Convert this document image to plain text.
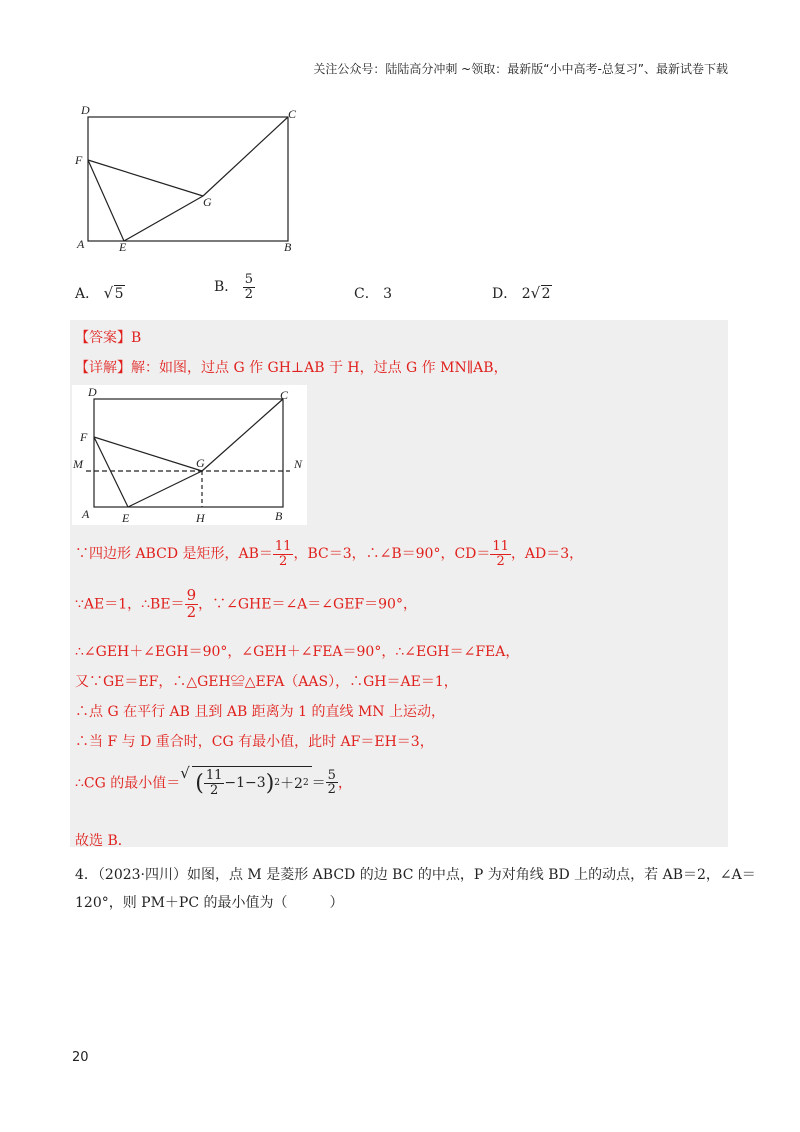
关注公众号：陆陆高分冲刺 ~领取：最新版“小中高考-总复习”、最新试卷下载
D	C
F
G
A	E	B
A． √ 5	B． $\frac{5}{2}$	C． 3	D． 2 √ 2
【答案】B
【详解】解：如图，过点 G 作 GH⊥AB 于 H，过点 G 作 MN∥AB，
D	C
F
M	G	N
A	E	H	B
∵四边形 ABCD 是矩形，$AB= \frac{11}{2}$ ，BC＝3，∴∠B＝90°，$CD= \frac{11}{2}$ ，AD＝3，
∵AE＝1，∴BE＝ $\frac{9}{2}$ ，∵∠GHE＝∠A＝∠GEF＝90°，
∴∠GEH＋∠EGH＝90°，∠GEH＋∠FEA＝90°，∴∠EGH＝∠FEA，
又∵GE＝EF，∴△GEH≌△EFA（AAS），∴GH＝AE＝1，
∴点 G 在平行 AB 且到 AB 距离为 1 的直线 MN 上运动，
∴当 F 与 D 重合时，CG 有最小值，此时 AF＝EH＝3，
∴CG 的最小值＝ √ ( $\frac{11}{2} -1-3$ ) 2 ＋2 $2 = \frac{5}{2}$ ，
故选 B．
4．（2023·四川）如图，点 M 是菱形 ABCD 的边 BC 的中点，P 为对角线 BD 上的动点，若 AB＝2，∠A＝
120°，则 PM＋PC 的最小值为（　　　）
20
